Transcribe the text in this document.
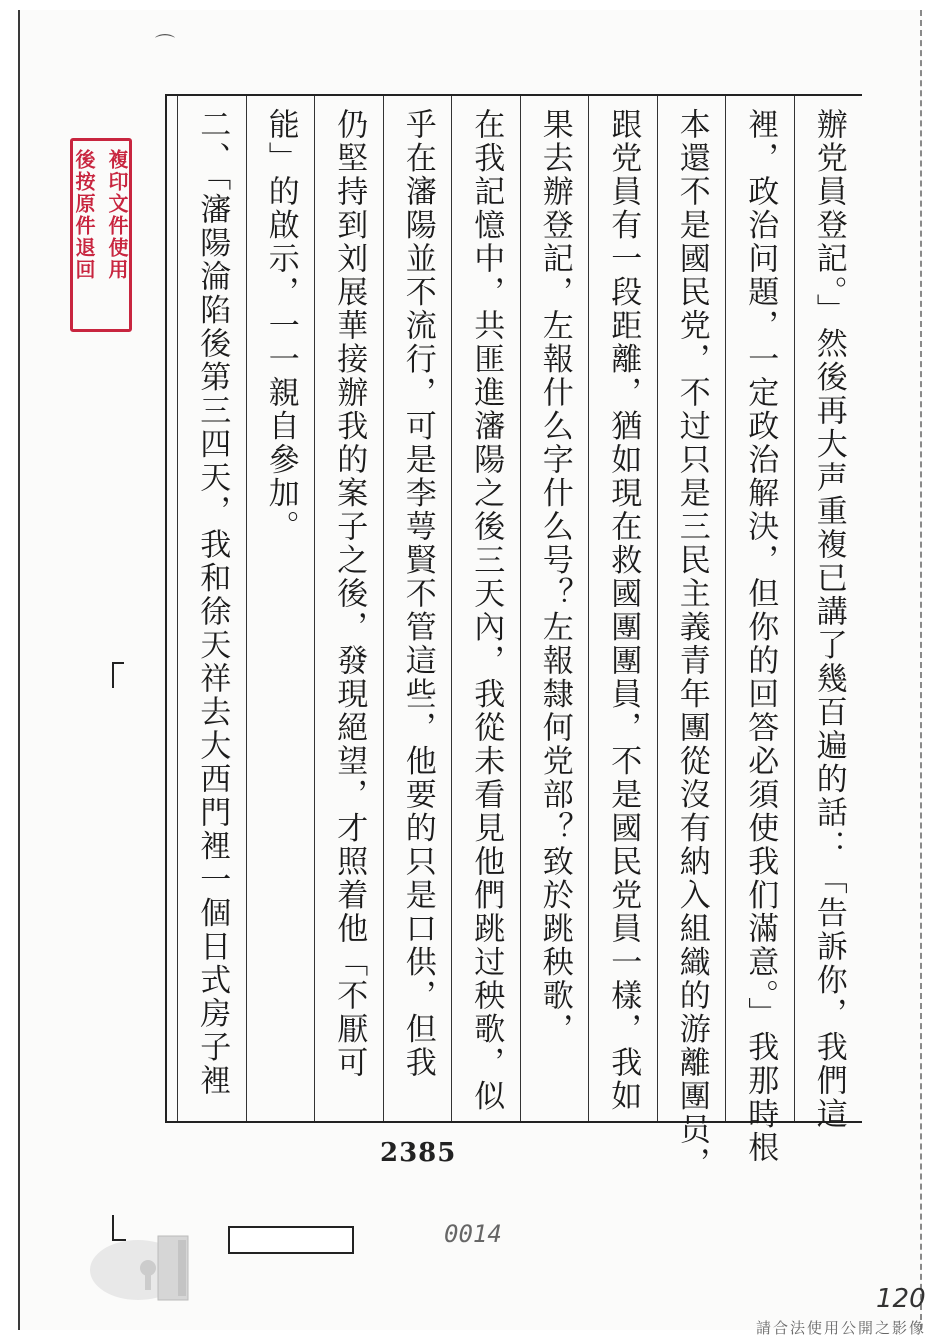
⌒
複印文件使用
後按原件退回	辦党員登記。」然後再大声重複已講了幾百遍的話：「告訴你，我們這
裡，政治问題，一定政治解決，但你的回答必須使我们滿意。」我那時根
本還不是國民党，不过只是三民主義青年團從沒有納入組織的游離團员，
跟党員有一段距離，猶如現在救國團團員，不是國民党員一樣，我如
果去辦登記，左報什么字什么号？左報隸何党部？致於跳秧歌，
在我記憶中，共匪進瀋陽之後三天內，我從未看見他們跳过秧歌，似
乎在瀋陽並不流行，可是李萼賢不管這些，他要的只是口供，但我
仍堅持到刘展華接辦我的案子之後，發現絕望，才照着他「不厭可
能」的啟示，一一親自參加。
二、「瀋陽淪陷後第三四天，我和徐天祥去大西門裡一個日式房子裡
2385
0014
120
請合法使用公開之影像
